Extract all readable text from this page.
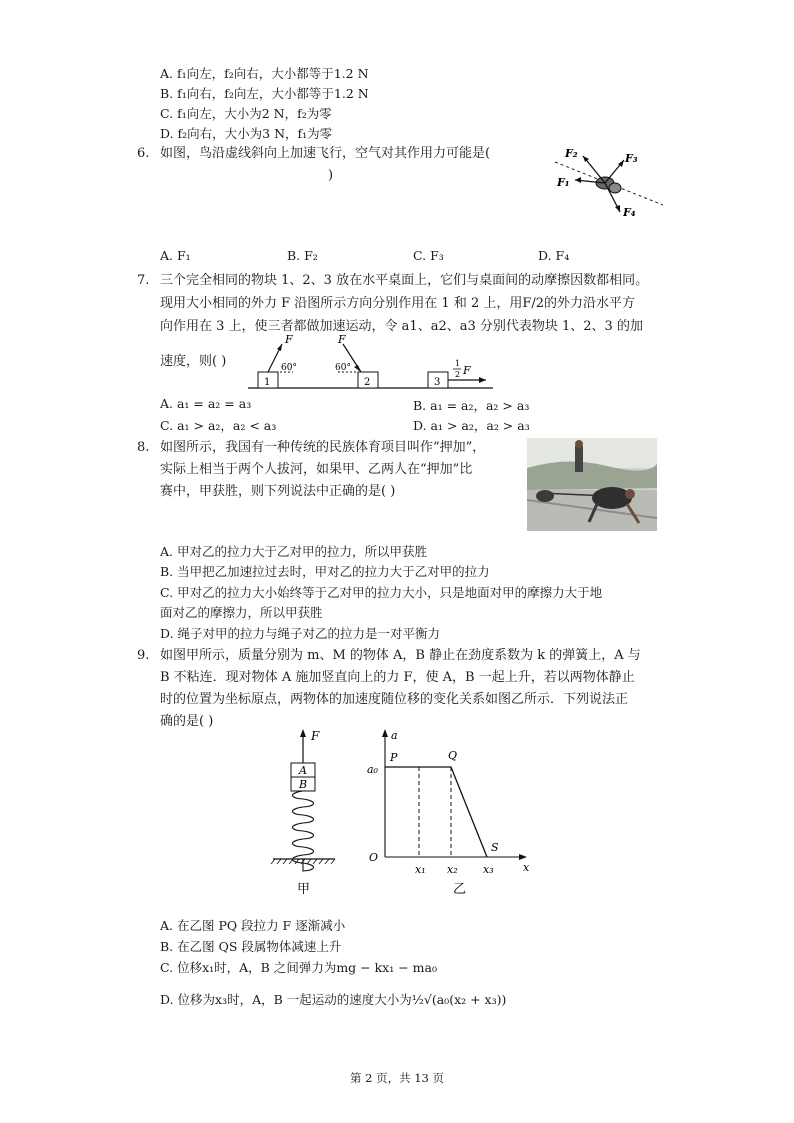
A. f₁向左，f₂向右，大小都等于1.2 N
B. f₁向右，f₂向左，大小都等于1.2 N
C. f₁向左，大小为2 N，f₂为零
D. f₂向右，大小为3 N，f₁为零
6. 如图，鸟沿虚线斜向上加速飞行，空气对其作用力可能是(
)
F₂	F₃
F₁
F₄
A. F₁	B. F₂	C. F₃	D. F₄
7. 三个完全相同的物块 1、2、3 放在水平桌面上，它们与桌面间的动摩擦因数都相同。
现用大小相同的外力 F 沿图所示方向分别作用在 1 和 2 上，用F/2的外力沿水平方
向作用在 3 上，使三者都做加速运动，令 a1、a2、a3 分别代表物块 1、2、3 的加
速度，则( )
F	F
60°	60°
1	2	3
1
2 F
A. a₁ = a₂ = a₃	B. a₁ = a₂，a₂ > a₃
C. a₁ > a₂，a₂ < a₃	D. a₁ > a₂，a₂ > a₃
8. 如图所示，我国有一种传统的民族体育项目叫作“押加”，
实际上相当于两个人拔河，如果甲、乙两人在“押加”比
赛中，甲获胜，则下列说法中正确的是( )
A. 甲对乙的拉力大于乙对甲的拉力，所以甲获胜
B. 当甲把乙加速拉过去时，甲对乙的拉力大于乙对甲的拉力
C. 甲对乙的拉力大小始终等于乙对甲的拉力大小，只是地面对甲的摩擦力大于地
面对乙的摩擦力，所以甲获胜
D. 绳子对甲的拉力与绳子对乙的拉力是一对平衡力
9. 如图甲所示，质量分别为 m、M 的物体 A，B 静止在劲度系数为 k 的弹簧上，A 与
B 不粘连．现对物体 A 施加竖直向上的力 F，使 A，B 一起上升，若以两物体静止
时的位置为坐标原点，两物体的加速度随位移的变化关系如图乙所示．下列说法正
确的是( )
F
A
B
甲
a
x
O
a₀
P	Q
S
x₁ x₂ x₃
乙
A. 在乙图 PQ 段拉力 F 逐渐减小
B. 在乙图 QS 段属物体减速上升
C. 位移x₁时，A，B 之间弹力为mg − kx₁ − ma₀
D. 位移为x₃时，A，B 一起运动的速度大小为½√(a₀(x₂ + x₃))
第 2 页，共 13 页
